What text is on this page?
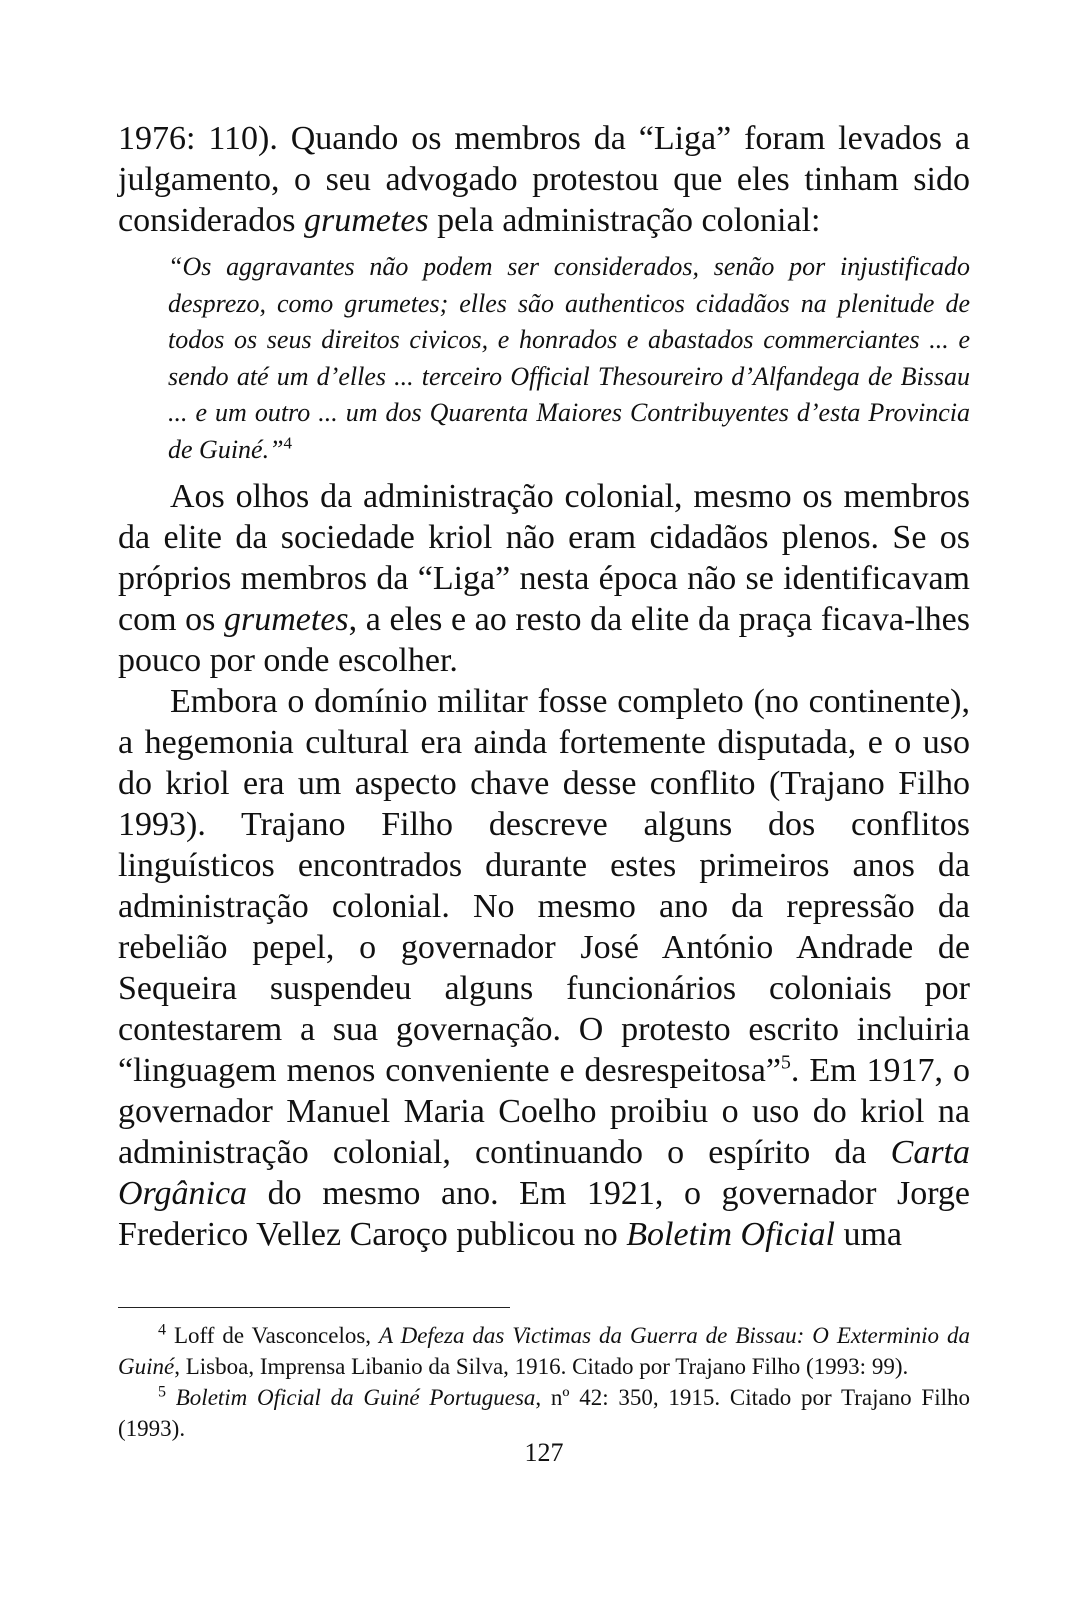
1976: 110). Quando os membros da “Liga” foram levados a julgamento, o seu advogado protestou que eles tinham sido considerados grumetes pela administração colonial:

“Os aggravantes não podem ser considerados, senão por injustificado desprezo, como grumetes; elles são authenticos cidadãos na plenitude de todos os seus direitos civicos, e honrados e abastados commerciantes ... e sendo até um d’elles ... terceiro Official Thesoureiro d’Alfandega de Bissau ... e um outro ... um dos Quarenta Maiores Contribuyentes d’esta Provincia de Guiné.”$^4$

Aos olhos da administração colonial, mesmo os membros da elite da sociedade kriol não eram cidadãos plenos. Se os próprios membros da “Liga” nesta época não se identificavam com os grumetes, a eles e ao resto da elite da praça ficava-lhes pouco por onde escolher.

Embora o domínio militar fosse completo (no continente), a hegemonia cultural era ainda fortemente disputada, e o uso do kriol era um aspecto chave desse conflito (Trajano Filho 1993). Trajano Filho descreve alguns dos conflitos linguísticos encontrados durante estes primeiros anos da administração colonial. No mesmo ano da repressão da rebelião pepel, o governador José António Andrade de Sequeira suspendeu alguns funcionários coloniais por contestarem a sua governação. O protesto escrito incluiria “linguagem menos conveniente e desrespeitosa”$^5$. Em 1917, o governador Manuel Maria Coelho proibiu o uso do kriol na administração colonial, continuando o espírito da Carta Orgânica do mesmo ano. Em 1921, o governador Jorge Frederico Vellez Caroço publicou no Boletim Oficial uma

$^4$ Loff de Vasconcelos, A Defeza das Victimas da Guerra de Bissau: O Exterminio da Guiné, Lisboa, Imprensa Libanio da Silva, 1916. Citado por Trajano Filho (1993: 99).

$^5$ Boletim Oficial da Guiné Portuguesa, nº 42: 350, 1915. Citado por Trajano Filho (1993).

127
